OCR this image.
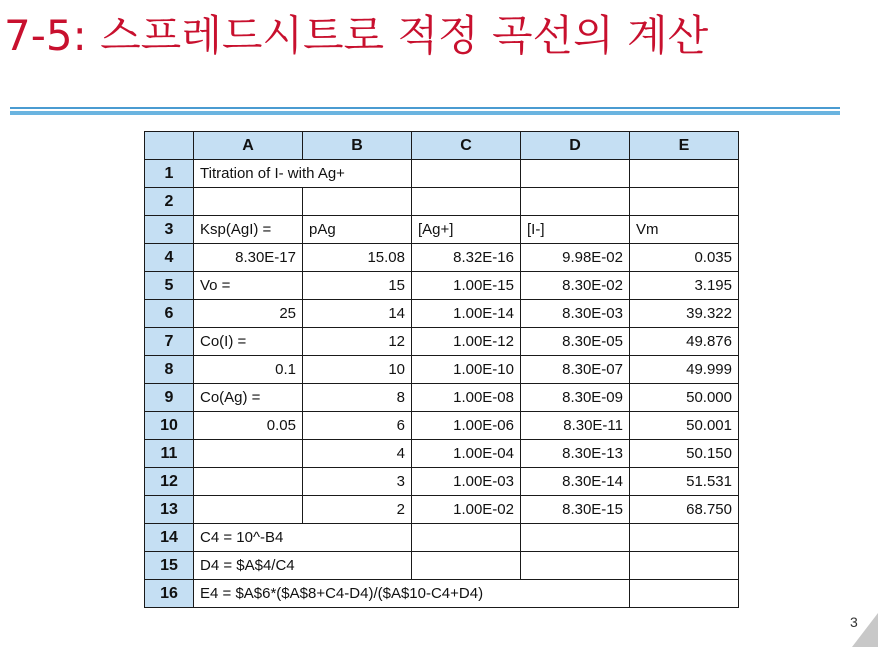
7-5: 스프레드시트로 적정 곡선의 계산
	A	B	C	D	E
1	Titration of I- with Ag+				
2					
3	Ksp(AgI) =	pAg	[Ag+]	[I-]	Vm
4	8.30E-17	15.08	8.32E-16	9.98E-02	0.035
5	Vo =	15	1.00E-15	8.30E-02	3.195
6	25	14	1.00E-14	8.30E-03	39.322
7	Co(I) =	12	1.00E-12	8.30E-05	49.876
8	0.1	10	1.00E-10	8.30E-07	49.999
9	Co(Ag) =	8	1.00E-08	8.30E-09	50.000
10	0.05	6	1.00E-06	8.30E-11	50.001
11		4	1.00E-04	8.30E-13	50.150
12		3	1.00E-03	8.30E-14	51.531
13		2	1.00E-02	8.30E-15	68.750
14	C4 = 10^-B4				
15	D4 = $A$4/C4				
16	E4 = $A$6*($A$8+C4-D4)/($A$10-C4+D4)				
3
